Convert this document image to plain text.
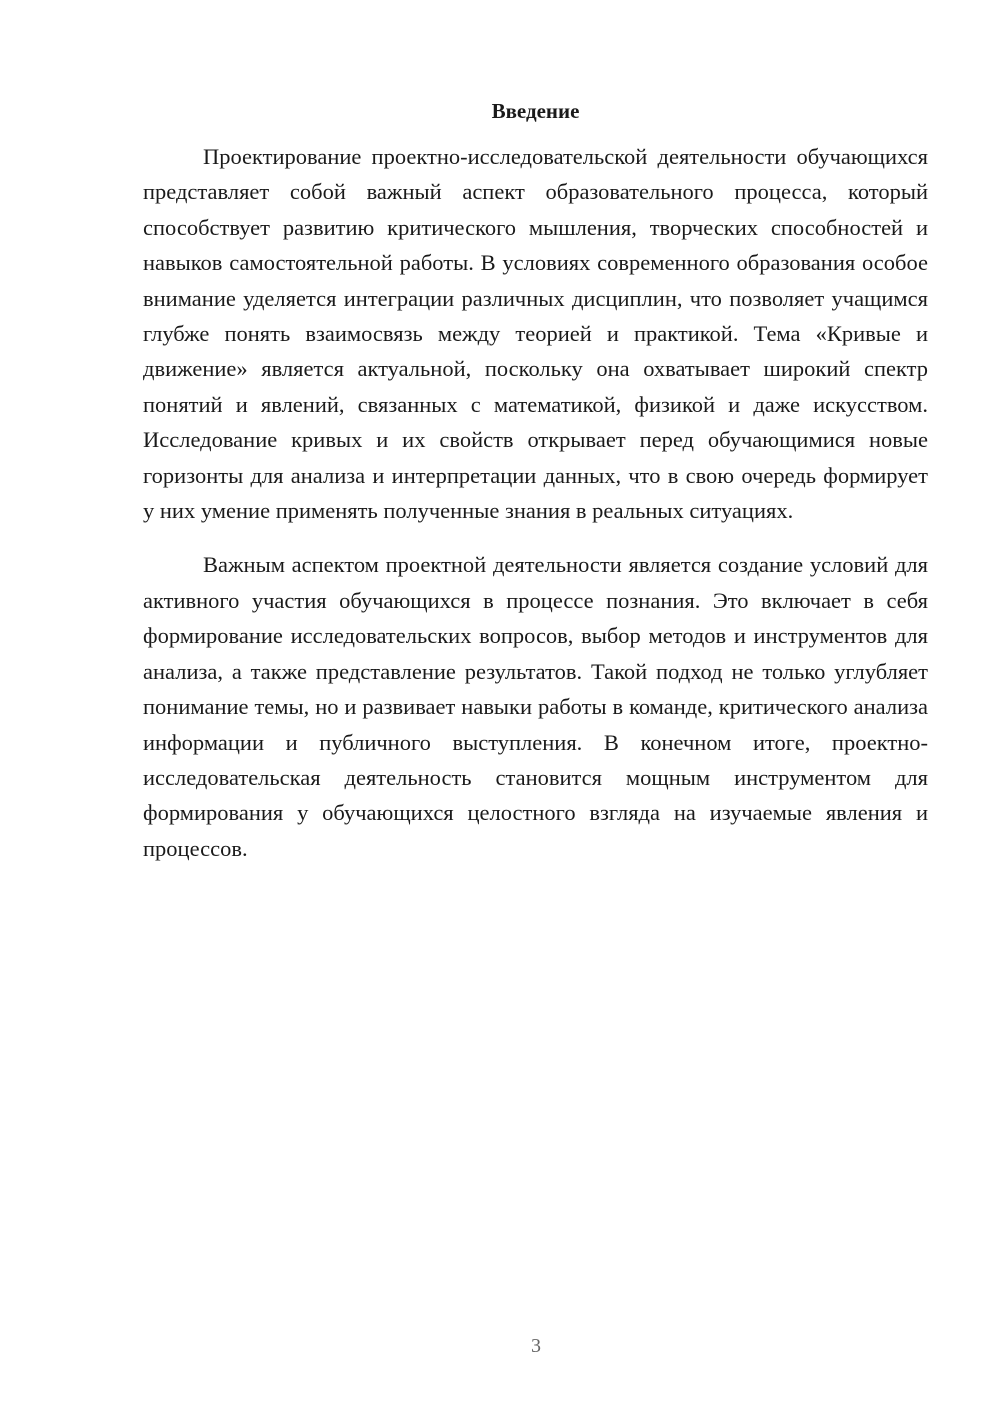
Введение

Проектирование проектно-исследовательской деятельности обучающихся представляет собой важный аспект образовательного процесса, который способствует развитию критического мышления, творческих способностей и навыков самостоятельной работы. В условиях современного образования особое внимание уделяется интеграции различных дисциплин, что позволяет учащимся глубже понять взаимосвязь между теорией и практикой. Тема «Кривые и движение» является актуальной, поскольку она охватывает широкий спектр понятий и явлений, связанных с математикой, физикой и даже искусством. Исследование кривых и их свойств открывает перед обучающимися новые горизонты для анализа и интерпретации данных, что в свою очередь формирует у них умение применять полученные знания в реальных ситуациях.

Важным аспектом проектной деятельности является создание условий для активного участия обучающихся в процессе познания. Это включает в себя формирование исследовательских вопросов, выбор методов и инструментов для анализа, а также представление результатов. Такой подход не только углубляет понимание темы, но и развивает навыки работы в команде, критического анализа информации и публичного выступления. В конечном итоге, проектно-исследовательская деятельность становится мощным инструментом для формирования у обучающихся целостного взгляда на изучаемые явления и процессов.

3
